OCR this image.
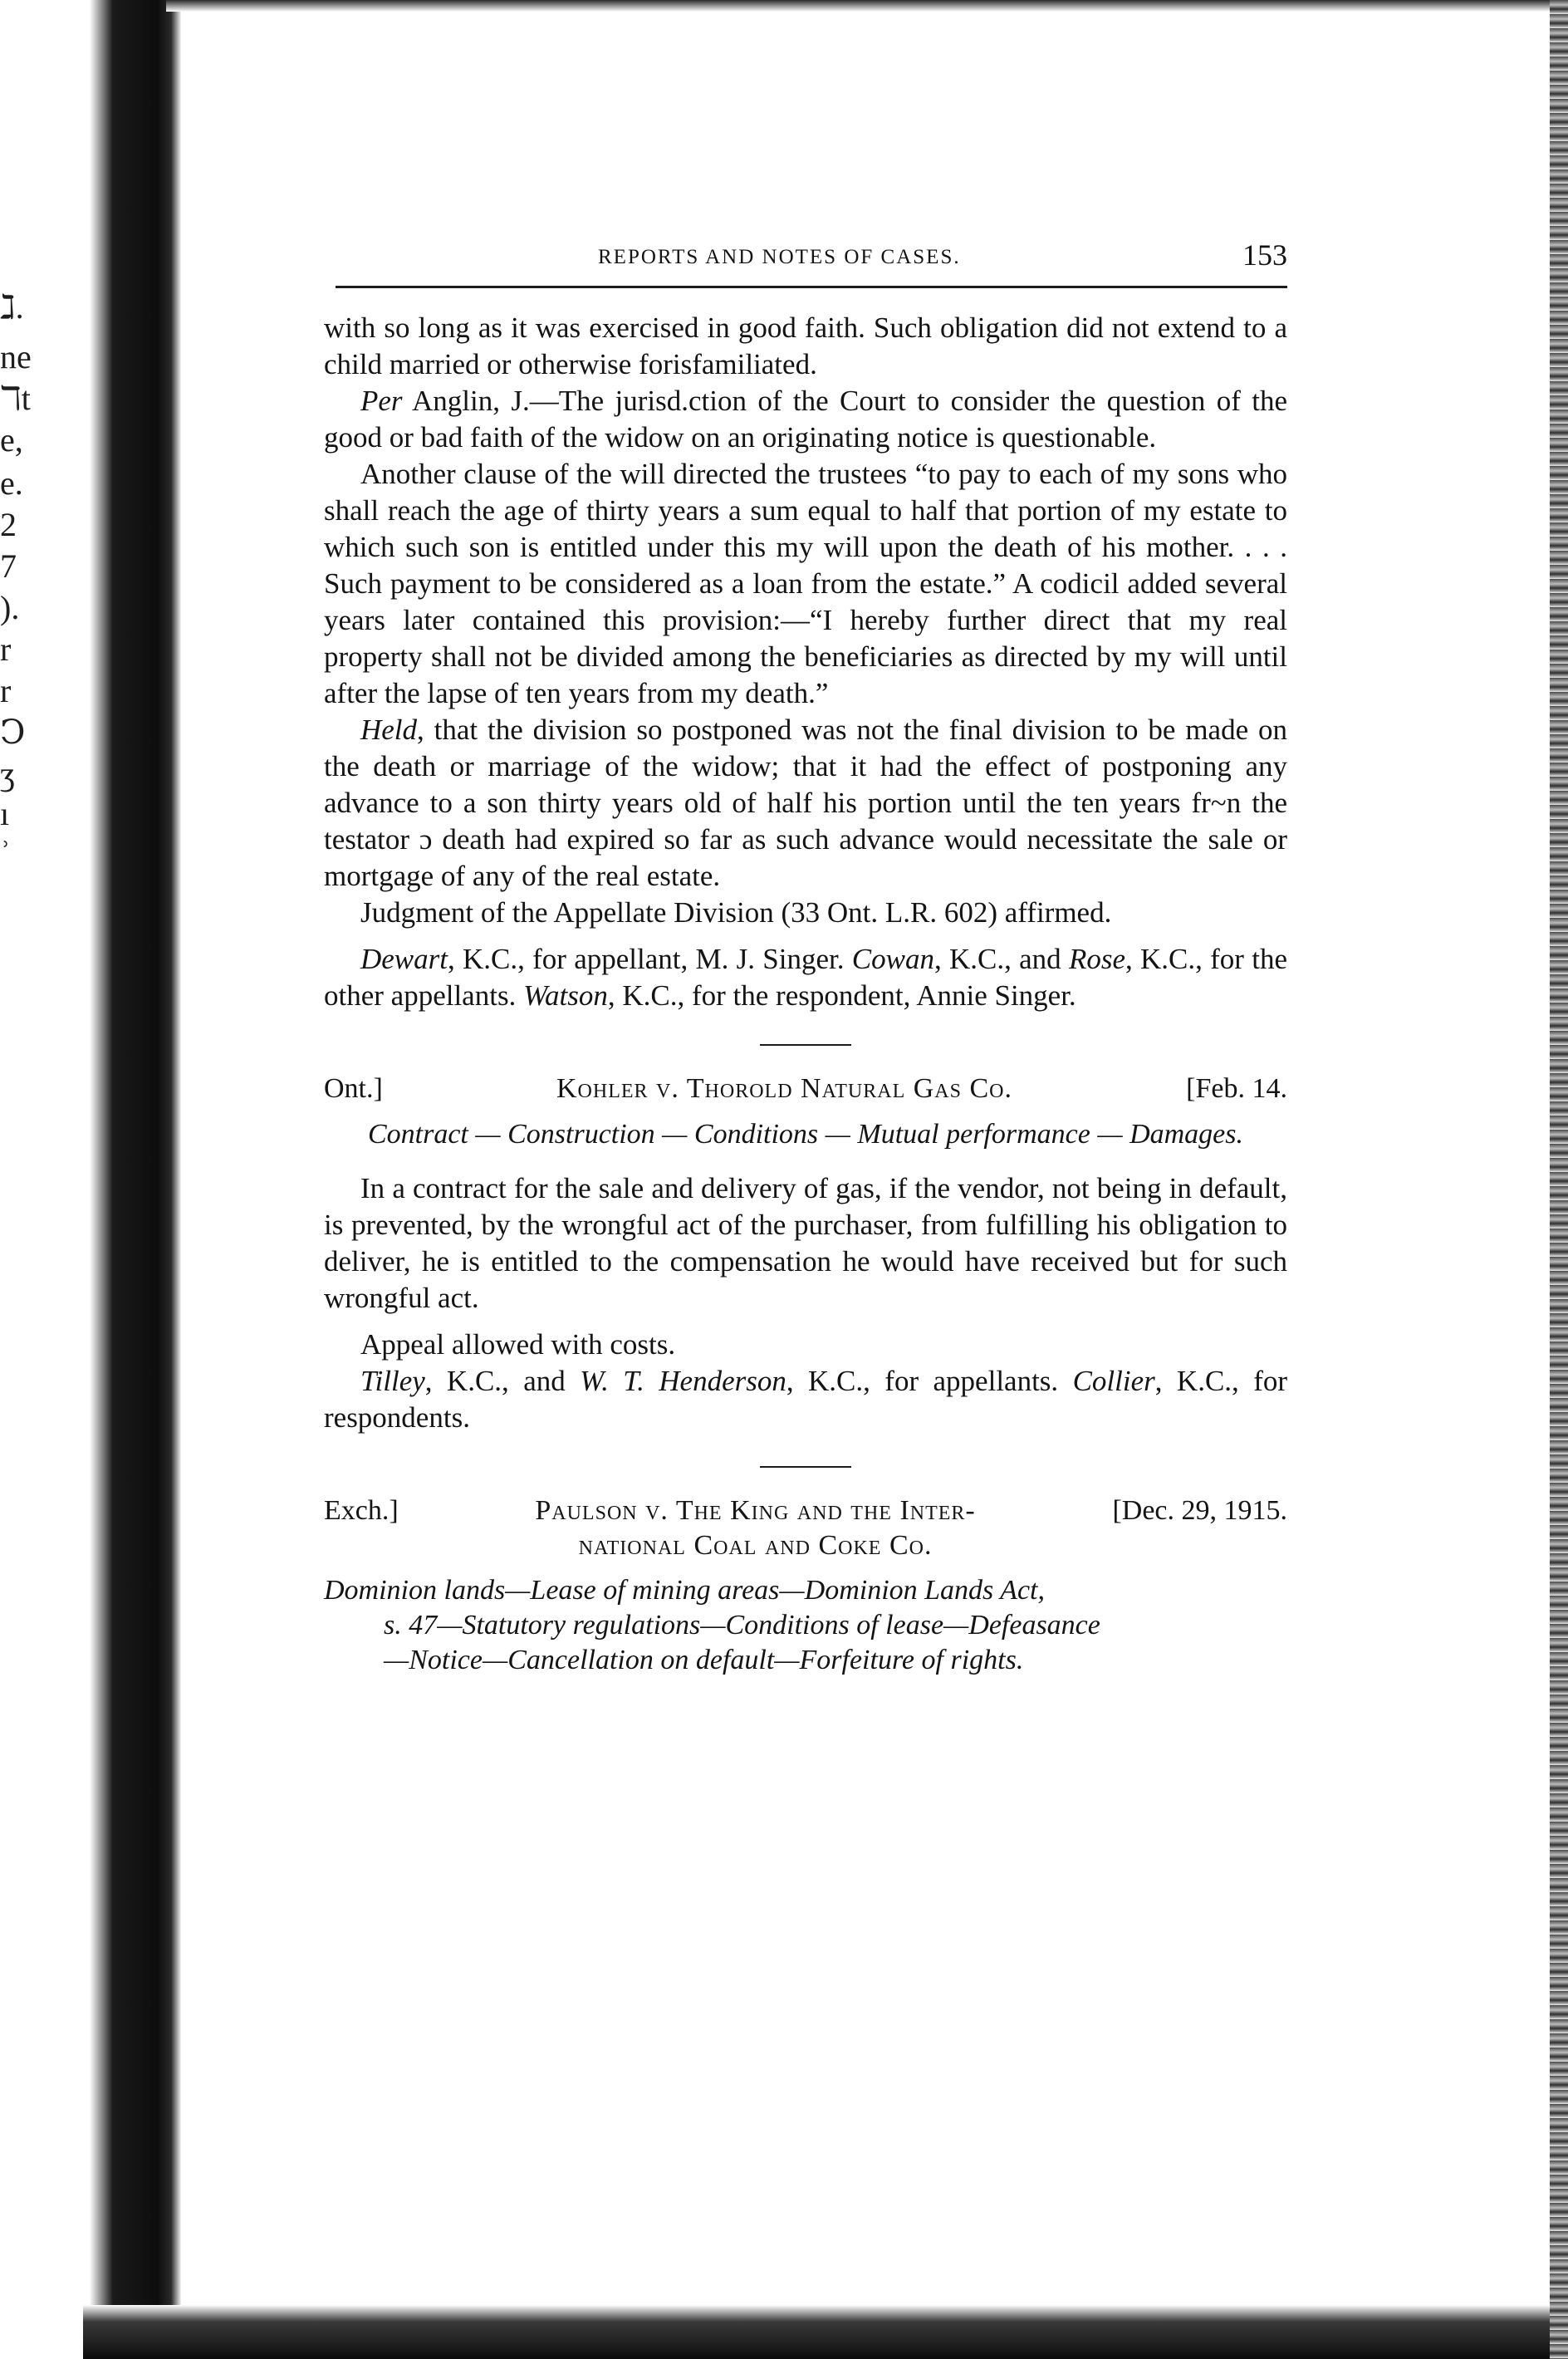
ℷ.
ne
ℸt
e,
e.
2
7
).
r
r
Ↄ
ʒ
ı
ʾ
REPORTS AND NOTES OF CASES.	153

with so long as it was exercised in good faith. Such obligation did not extend to a child married or otherwise forisfamiliated.

Per Anglin, J.—The jurisd.ction of the Court to consider the question of the good or bad faith of the widow on an originating notice is questionable.

Another clause of the will directed the trustees “to pay to each of my sons who shall reach the age of thirty years a sum equal to half that portion of my estate to which such son is entitled under this my will upon the death of his mother. . . . Such payment to be considered as a loan from the estate.” A codicil added several years later contained this provision:—“I hereby further direct that my real property shall not be divided among the beneficiaries as directed by my will until after the lapse of ten years from my death.”

Held, that the division so postponed was not the final division to be made on the death or marriage of the widow; that it had the effect of postponing any advance to a son thirty years old of half his portion until the ten years fr~n the testator ɔ death had expired so far as such advance would necessitate the sale or mortgage of any of the real estate.

Judgment of the Appellate Division (33 Ont. L.R. 602) affirmed.

Dewart, K.C., for appellant, M. J. Singer. Cowan, K.C., and Rose, K.C., for the other appellants. Watson, K.C., for the respondent, Annie Singer.

Ont.]	Kohler v. Thorold Natural Gas Co.	[Feb. 14.
Contract — Construction — Conditions — Mutual performance — Damages.

In a contract for the sale and delivery of gas, if the vendor, not being in default, is prevented, by the wrongful act of the purchaser, from fulfilling his obligation to deliver, he is entitled to the compensation he would have received but for such wrongful act.

Appeal allowed with costs.

Tilley, K.C., and W. T. Henderson, K.C., for appellants. Collier, K.C., for respondents.

Exch.]	Paulson v. The King and the Inter-
national Coal and Coke Co.
[Dec. 29, 1915.
Dominion lands—Lease of mining areas—Dominion Lands Act,
s. 47—Statutory regulations—Conditions of lease—Defeasance
—Notice—Cancellation on default—Forfeiture of rights.
